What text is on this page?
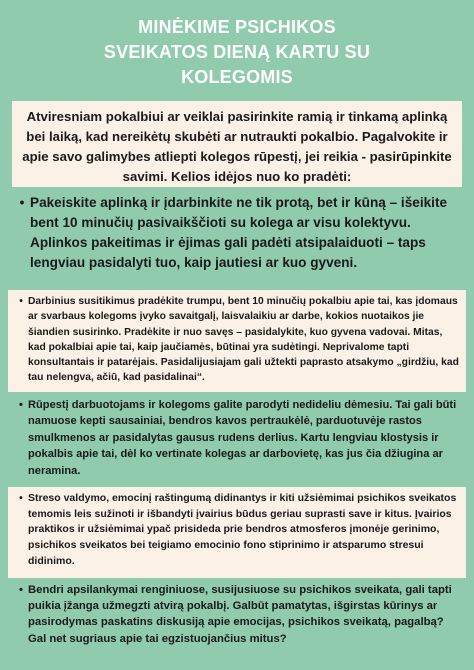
MINĖKIME PSICHIKOS
SVEIKATOS DIENĄ KARTU SU
KOLEGOMIS
Atviresniam pokalbiui ar veiklai pasirinkite ramią ir tinkamą aplinką bei laiką, kad nereikėtų skubėti ar nutraukti pokalbio. Pagalvokite ir apie savo galimybes atliepti kolegos rūpestį, jei reikia - pasirūpinkite savimi. Kelios idėjos nuo ko pradėti:
• Pakeiskite aplinką ir įdarbinkite ne tik protą, bet ir kūną – išeikite bent 10 minučių pasivaikščioti su kolega ar visu kolektyvu. Aplinkos pakeitimas ir ėjimas gali padėti atsipalaiduoti – taps lengviau pasidalyti tuo, kaip jautiesi ar kuo gyveni.
• Darbinius susitikimus pradėkite trumpu, bent 10 minučių pokalbiu apie tai, kas įdomaus ar svarbaus kolegoms įvyko savaitgalį, laisvalaikiu ar darbe, kokios nuotaikos jie šiandien susirinko. Pradėkite ir nuo savęs – pasidalykite, kuo gyvena vadovai. Mitas, kad pokalbiai apie tai, kaip jaučiamės, būtinai yra sudėtingi. Neprivalome tapti konsultantais ir patarėjais. Pasidalijusiajam gali užtekti paprasto atsakymo „girdžiu, kad tau nelengva, ačiū, kad pasidalinai“.
• Rūpestį darbuotojams ir kolegoms galite parodyti nedideliu dėmesiu. Tai gali būti namuose kepti sausainiai, bendros kavos pertraukėlė, parduotuvėje rastos smulkmenos ar pasidalytas gausus rudens derlius. Kartu lengviau klostysis ir pokalbis apie tai, dėl ko vertinate kolegas ar darbovietę, kas jus čia džiugina ar neramina.
• Streso valdymo, emocinį raštingumą didinantys ir kiti užsiėmimai psichikos sveikatos temomis leis sužinoti ir išbandyti įvairius būdus geriau suprasti save ir kitus. Įvairios praktikos ir užsiėmimai ypač prisideda prie bendros atmosferos įmonėje gerinimo, psichikos sveikatos bei teigiamo emocinio fono stiprinimo ir atsparumo stresui didinimo.
• Bendri apsilankymai renginiuose, susijusiuose su psichikos sveikata, gali tapti puikia įžanga užmegzti atvirą pokalbį. Galbūt pamatytas, išgirstas kūrinys ar pasirodymas paskatins diskusiją apie emocijas, psichikos sveikatą, pagalbą? Gal net sugriaus apie tai egzistuojančius mitus?
